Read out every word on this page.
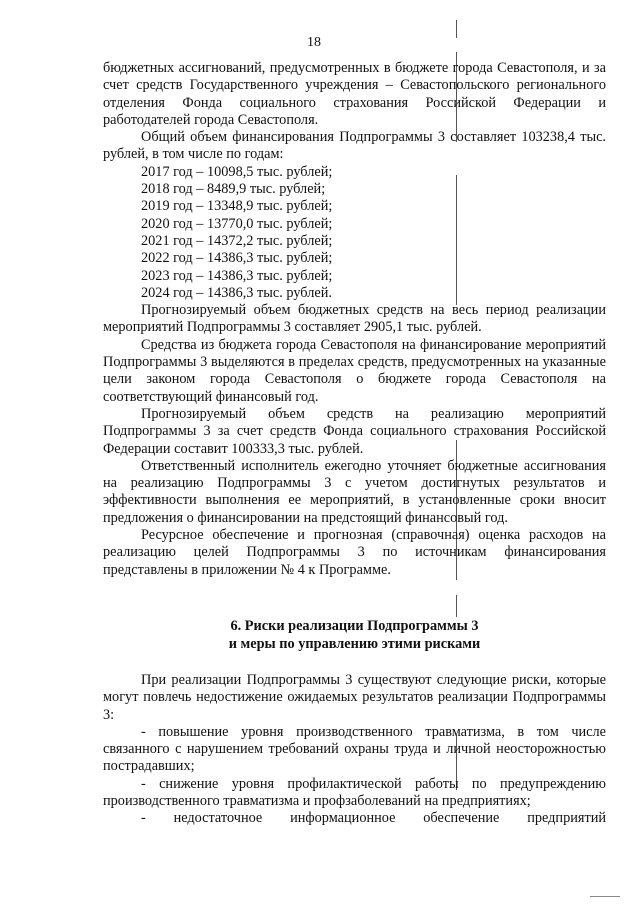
18

бюджетных ассигнований, предусмотренных в бюджете города Севастополя, и за счет средств Государственного учреждения – Севастопольского регионального отделения Фонда социального страхования Российской Федерации и работодателей города Севастополя.

Общий объем финансирования Подпрограммы 3 составляет 103238,4 тыс. рублей, в том числе по годам:

2017 год – 10098,5 тыс. рублей;
2018 год – 8489,9 тыс. рублей;
2019 год – 13348,9 тыс. рублей;
2020 год – 13770,0 тыс. рублей;
2021 год – 14372,2 тыс. рублей;
2022 год – 14386,3 тыс. рублей;
2023 год – 14386,3 тыс. рублей;
2024 год – 14386,3 тыс. рублей.

Прогнозируемый объем бюджетных средств на весь период реализации мероприятий Подпрограммы 3 составляет 2905,1 тыс. рублей.

Средства из бюджета города Севастополя на финансирование мероприятий Подпрограммы 3 выделяются в пределах средств, предусмотренных на указанные цели законом города Севастополя о бюджете города Севастополя на соответствующий финансовый год.

Прогнозируемый объем средств на реализацию мероприятий Подпрограммы 3 за счет средств Фонда социального страхования Российской Федерации составит 100333,3 тыс. рублей.

Ответственный исполнитель ежегодно уточняет бюджетные ассигнования на реализацию Подпрограммы 3 с учетом достигнутых результатов и эффективности выполнения ее мероприятий, в установленные сроки вносит предложения о финансировании на предстоящий финансовый год.

Ресурсное обеспечение и прогнозная (справочная) оценка расходов на реализацию целей Подпрограммы 3 по источникам финансирования представлены в приложении № 4 к Программе.

6. Риски реализации Подпрограммы 3
и меры по управлению этими рисками

При реализации Подпрограммы 3 существуют следующие риски, которые могут повлечь недостижение ожидаемых результатов реализации Подпрограммы 3:

- повышение уровня производственного травматизма, в том числе связанного с нарушением требований охраны труда и личной неосторожностью пострадавших;

- снижение уровня профилактической работы по предупреждению производственного травматизма и профзаболеваний на предприятиях;

- недостаточное информационное обеспечение предприятий
